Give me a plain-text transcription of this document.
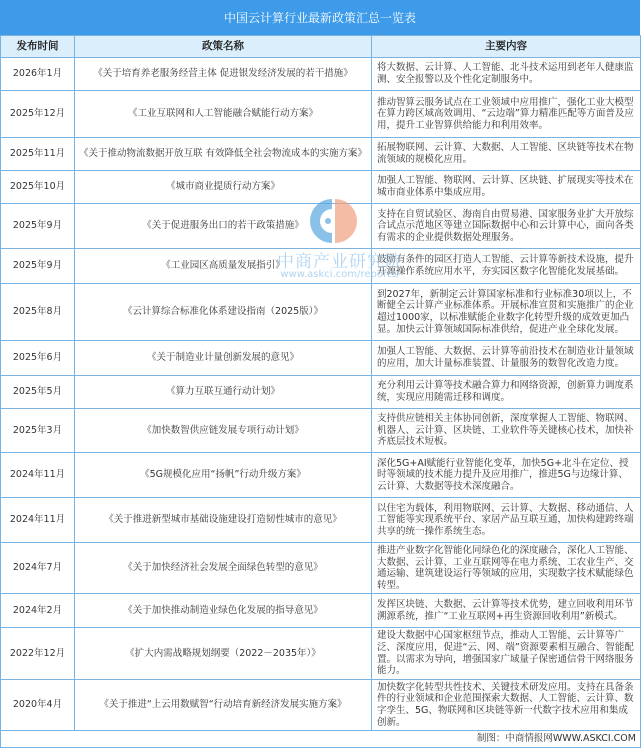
中国云计算行业最新政策汇总一览表
发布时间	政策名称	主要内容
2026年1月	《关于培育养老服务经营主体 促进银发经济发展的若干措施》	将大数据、云计算、人工智能、北斗技术运用到老年人健康监测、安全报警以及个性化定制服务中。
2025年12月	《工业互联网和人工智能融合赋能行动方案》	推动智算云服务试点在工业领域中应用推广，强化工业大模型在算力跨区域高效调用、“云边端”算力精准匹配等方面普及应用，提升工业智算供给能力和利用效率。
2025年11月	《关于推动物流数据开放互联 有效降低全社会物流成本的实施方案》	拓展物联网、云计算、大数据、人工智能、区块链等技术在物流领域的规模化应用。
2025年10月	《城市商业提质行动方案》	加强人工智能、物联网、云计算、区块链、扩展现实等技术在城市商业体系中集成应用。
2025年9月	《关于促进服务出口的若干政策措施》	支持在自贸试验区、海南自由贸易港、国家服务业扩大开放综合试点示范地区等建立国际数据中心和云计算中心，面向各类有需求的企业提供数据处理服务。
2025年9月	《工业园区高质量发展指引》	鼓励有条件的园区打造人工智能、云计算等新技术设施，提升开源操作系统应用水平，夯实园区数字化智能化发展基础。
2025年8月	《云计算综合标准化体系建设指南（2025版）》	到2027年，新制定云计算国家标准和行业标准30项以上，不断健全云计算产业标准体系。开展标准宣贯和实施推广的企业超过1000家，以标准赋能企业数字化转型升级的成效更加凸显。加快云计算领域国际标准供给，促进产业全球化发展。
2025年6月	《关于制造业计量创新发展的意见》	加强人工智能、大数据、云计算等前沿技术在制造业计量领域的应用，加大计量标准装置、计量服务的数智化改造力度。
2025年5月	《算力互联互通行动计划》	充分利用云计算等技术融合算力和网络资源，创新算力调度系统，实现应用随需迁移和调度。
2025年3月	《加快数智供应链发展专项行动计划》	支持供应链相关主体协同创新，深度掌握人工智能、物联网、机器人、云计算、区块链、工业软件等关键核心技术，加快补齐底层技术短板。
2024年11月	《5G规模化应用“扬帆”行动升级方案》	深化5G+AI赋能行业智能化变革，加快5G+北斗在定位、授时等领域的技术能力提升及应用推广，推进5G与边缘计算、云计算、大数据等技术深度融合。
2024年11月	《关于推进新型城市基础设施建设打造韧性城市的意见》	以住宅为载体，利用物联网、云计算、大数据、移动通信、人工智能等实现系统平台、家居产品互联互通，加快构建跨终端共享的统一操作系统生态。
2024年7月	《关于加快经济社会发展全面绿色转型的意见》	推进产业数字化智能化同绿色化的深度融合，深化人工智能、大数据、云计算、工业互联网等在电力系统、工农业生产、交通运输、建筑建设运行等领域的应用，实现数字技术赋能绿色转型。
2024年2月	《关于加快推动制造业绿色化发展的指导意见》	发挥区块链、大数据、云计算等技术优势，建立回收利用环节溯源系统，推广“工业互联网+再生资源回收利用”新模式。
2022年12月	《扩大内需战略规划纲要（2022－2035年）》	建设大数据中心国家枢纽节点，推动人工智能、云计算等广泛、深度应用，促进“云、网、端”资源要素相互融合、智能配置。以需求为导向，增强国家广域量子保密通信骨干网络服务能力。
2020年4月	《关于推进“上云用数赋智“行动培育新经济发展实施方案》	加快数字化转型共性技术、关键技术研发应用。支持在具备条件的行业领域和企业范围探索大数据、人工智能、云计算、数字孪生、5G、物联网和区块链等新一代数字技术应用和集成创新。
制图：中商情报网WWW.ASKCI.COM		
中商产业研究院
www.askci.com/reports/
